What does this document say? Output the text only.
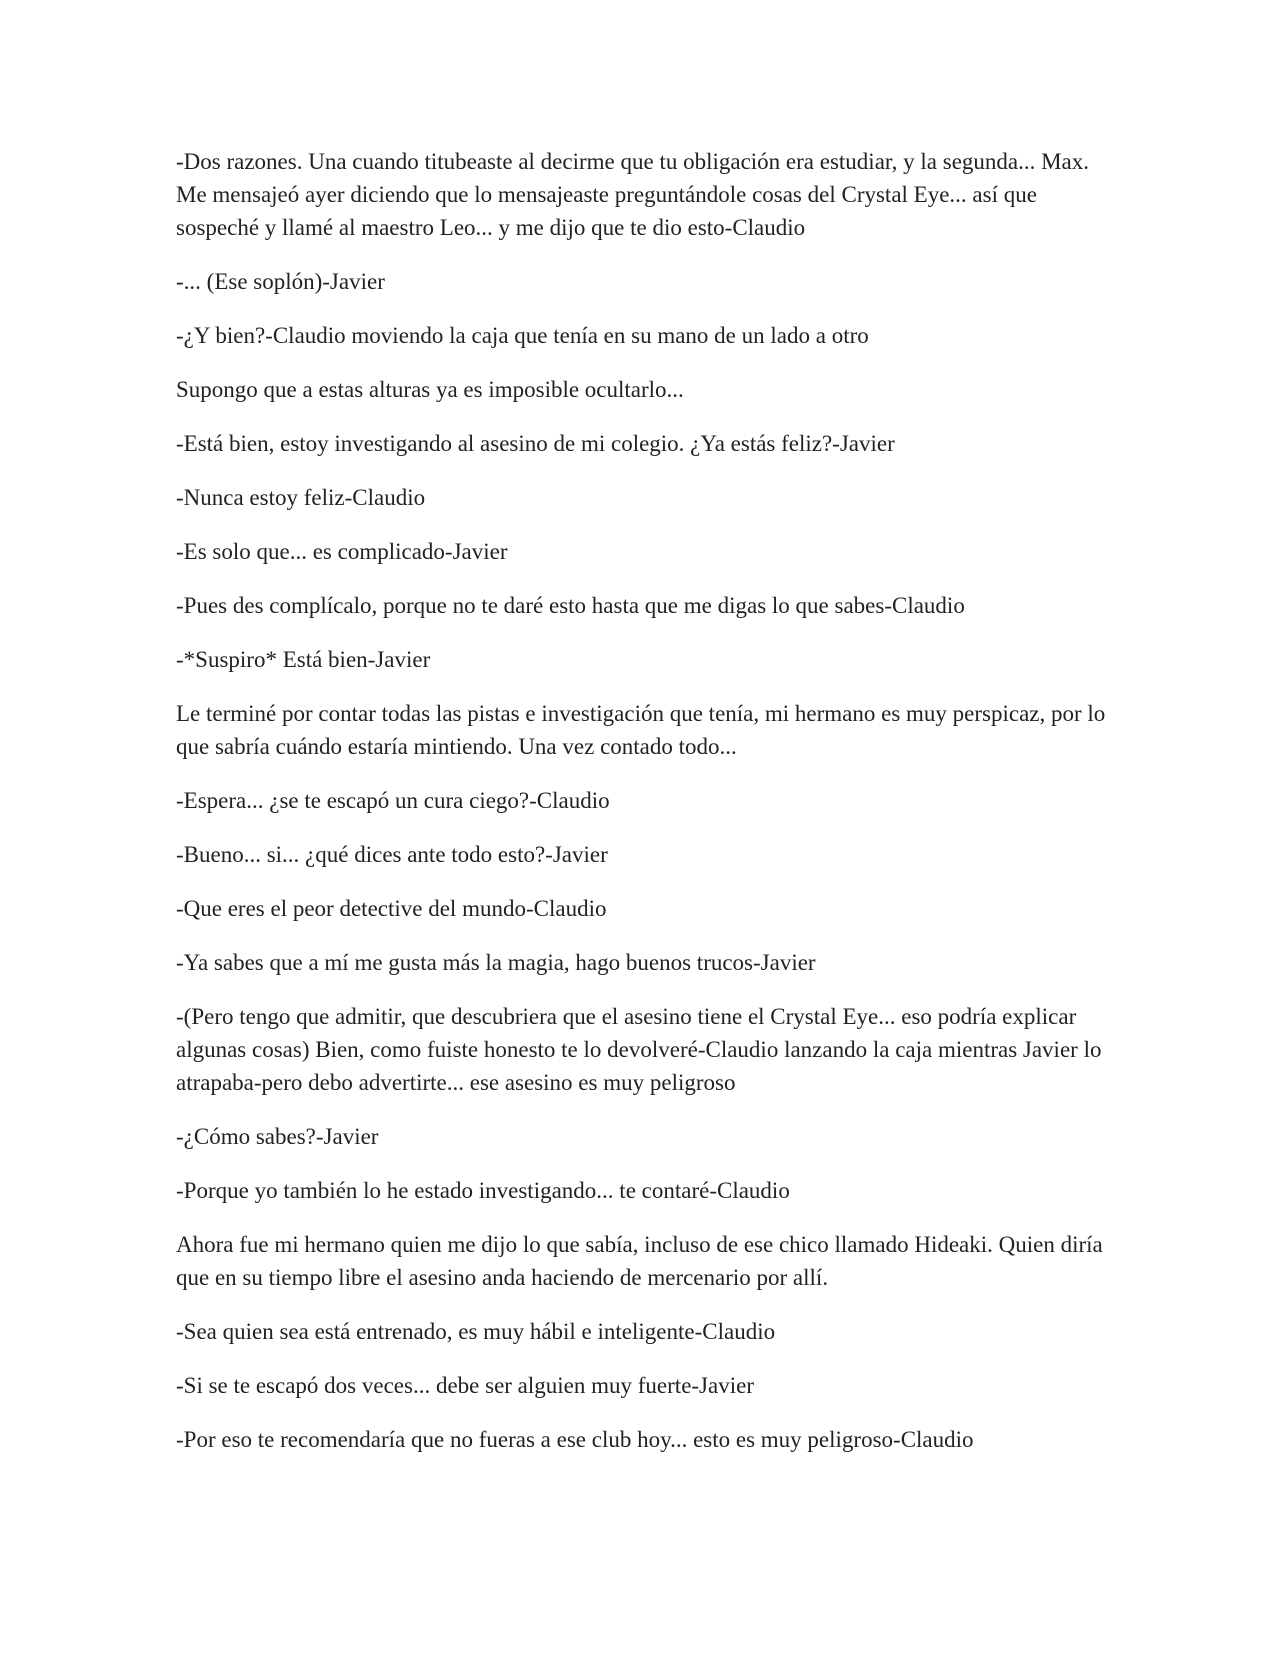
-Dos razones. Una cuando titubeaste al decirme que tu obligación era estudiar, y la segunda... Max. Me mensajeó ayer diciendo que lo mensajeaste preguntándole cosas del Crystal Eye... así que sospeché y llamé al maestro Leo... y me dijo que te dio esto-Claudio

-... (Ese soplón)-Javier

-¿Y bien?-Claudio moviendo la caja que tenía en su mano de un lado a otro

Supongo que a estas alturas ya es imposible ocultarlo...

-Está bien, estoy investigando al asesino de mi colegio. ¿Ya estás feliz?-Javier

-Nunca estoy feliz-Claudio

-Es solo que... es complicado-Javier

-Pues des complícalo, porque no te daré esto hasta que me digas lo que sabes-Claudio

-*Suspiro* Está bien-Javier

Le terminé por contar todas las pistas e investigación que tenía, mi hermano es muy perspicaz, por lo que sabría cuándo estaría mintiendo. Una vez contado todo...

-Espera... ¿se te escapó un cura ciego?-Claudio

-Bueno... si... ¿qué dices ante todo esto?-Javier

-Que eres el peor detective del mundo-Claudio

-Ya sabes que a mí me gusta más la magia, hago buenos trucos-Javier

-(Pero tengo que admitir, que descubriera que el asesino tiene el Crystal Eye... eso podría explicar algunas cosas) Bien, como fuiste honesto te lo devolveré-Claudio lanzando la caja mientras Javier lo atrapaba-pero debo advertirte... ese asesino es muy peligroso

-¿Cómo sabes?-Javier

-Porque yo también lo he estado investigando... te contaré-Claudio

Ahora fue mi hermano quien me dijo lo que sabía, incluso de ese chico llamado Hideaki. Quien diría que en su tiempo libre el asesino anda haciendo de mercenario por allí.

-Sea quien sea está entrenado, es muy hábil e inteligente-Claudio

-Si se te escapó dos veces... debe ser alguien muy fuerte-Javier

-Por eso te recomendaría que no fueras a ese club hoy... esto es muy peligroso-Claudio
